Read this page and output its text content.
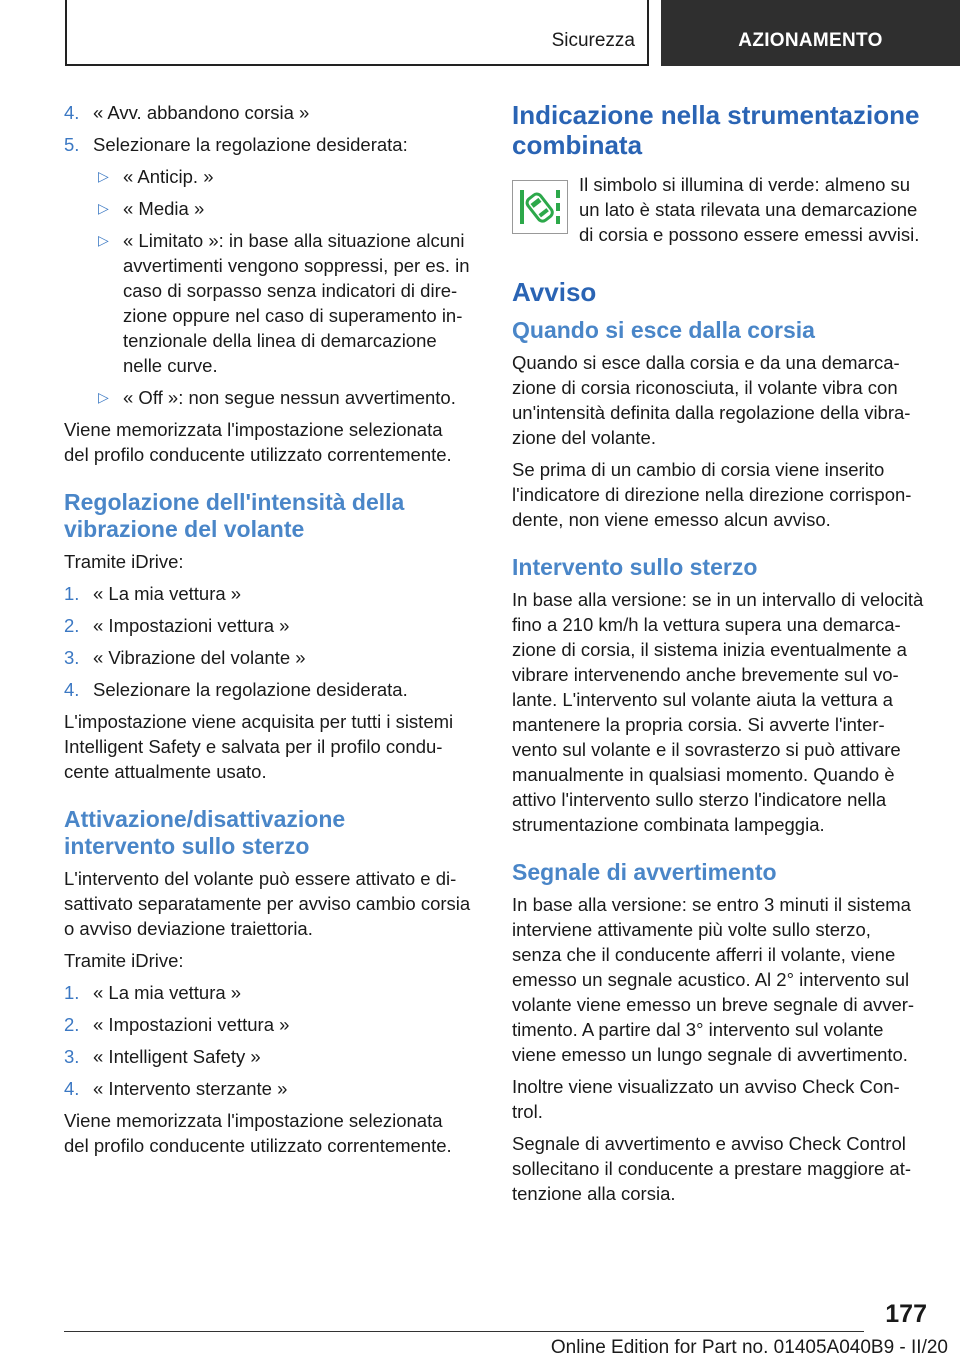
Sicurezza	AZIONAMENTO
4. « Avv. abbandono corsia »
5. Selezionare la regolazione desiderata:
▷ « Anticip. »
▷ « Media »
▷ « Limitato »: in base alla situazione alcuni
avvertimenti vengono soppressi, per es. in
caso di sorpasso senza indicatori di dire‐
zione oppure nel caso di superamento in‐
tenzionale della linea di demarcazione
nelle curve.
▷ « Off »: non segue nessun avvertimento.

Viene memorizzata l'impostazione selezionata
del profilo conducente utilizzato correntemente.

Regolazione dell'intensità della
vibrazione del volante

Tramite iDrive:

1. « La mia vettura »
2. « Impostazioni vettura »
3. « Vibrazione del volante »
4. Selezionare la regolazione desiderata.

L'impostazione viene acquisita per tutti i sistemi
Intelligent Safety e salvata per il profilo condu‐
cente attualmente usato.

Attivazione/disattivazione
intervento sullo sterzo

L'intervento del volante può essere attivato e di‐
sattivato separatamente per avviso cambio corsia
o avviso deviazione traiettoria.

Tramite iDrive:

1. « La mia vettura »
2. « Impostazioni vettura »
3. « Intelligent Safety »
4. « Intervento sterzante »

Viene memorizzata l'impostazione selezionata
del profilo conducente utilizzato correntemente.

Indicazione nella strumentazione
combinata

Il simbolo si illumina di verde: almeno su
un lato è stata rilevata una demarcazione
di corsia e possono essere emessi avvisi.

Avviso
Quando si esce dalla corsia

Quando si esce dalla corsia e da una demarca‐
zione di corsia riconosciuta, il volante vibra con
un'intensità definita dalla regolazione della vibra‐
zione del volante.

Se prima di un cambio di corsia viene inserito
l'indicatore di direzione nella direzione corrispon‐
dente, non viene emesso alcun avviso.

Intervento sullo sterzo

In base alla versione: se in un intervallo di velocità
fino a 210 km/h la vettura supera una demarca‐
zione di corsia, il sistema inizia eventualmente a
vibrare intervenendo anche brevemente sul vo‐
lante. L'intervento sul volante aiuta la vettura a
mantenere la propria corsia. Si avverte l'inter‐
vento sul volante e il sovrasterzo si può attivare
manualmente in qualsiasi momento. Quando è
attivo l'intervento sullo sterzo l'indicatore nella
strumentazione combinata lampeggia.

Segnale di avvertimento

In base alla versione: se entro 3 minuti il sistema
interviene attivamente più volte sullo sterzo,
senza che il conducente afferri il volante, viene
emesso un segnale acustico. Al 2° intervento sul
volante viene emesso un breve segnale di avver‐
timento. A partire dal 3° intervento sul volante
viene emesso un lungo segnale di avvertimento.

Inoltre viene visualizzato un avviso Check Con‐
trol.

Segnale di avvertimento e avviso Check Control
sollecitano il conducente a prestare maggiore at‐
tenzione alla corsia.

177
Online Edition for Part no. 01405A040B9 - II/20
